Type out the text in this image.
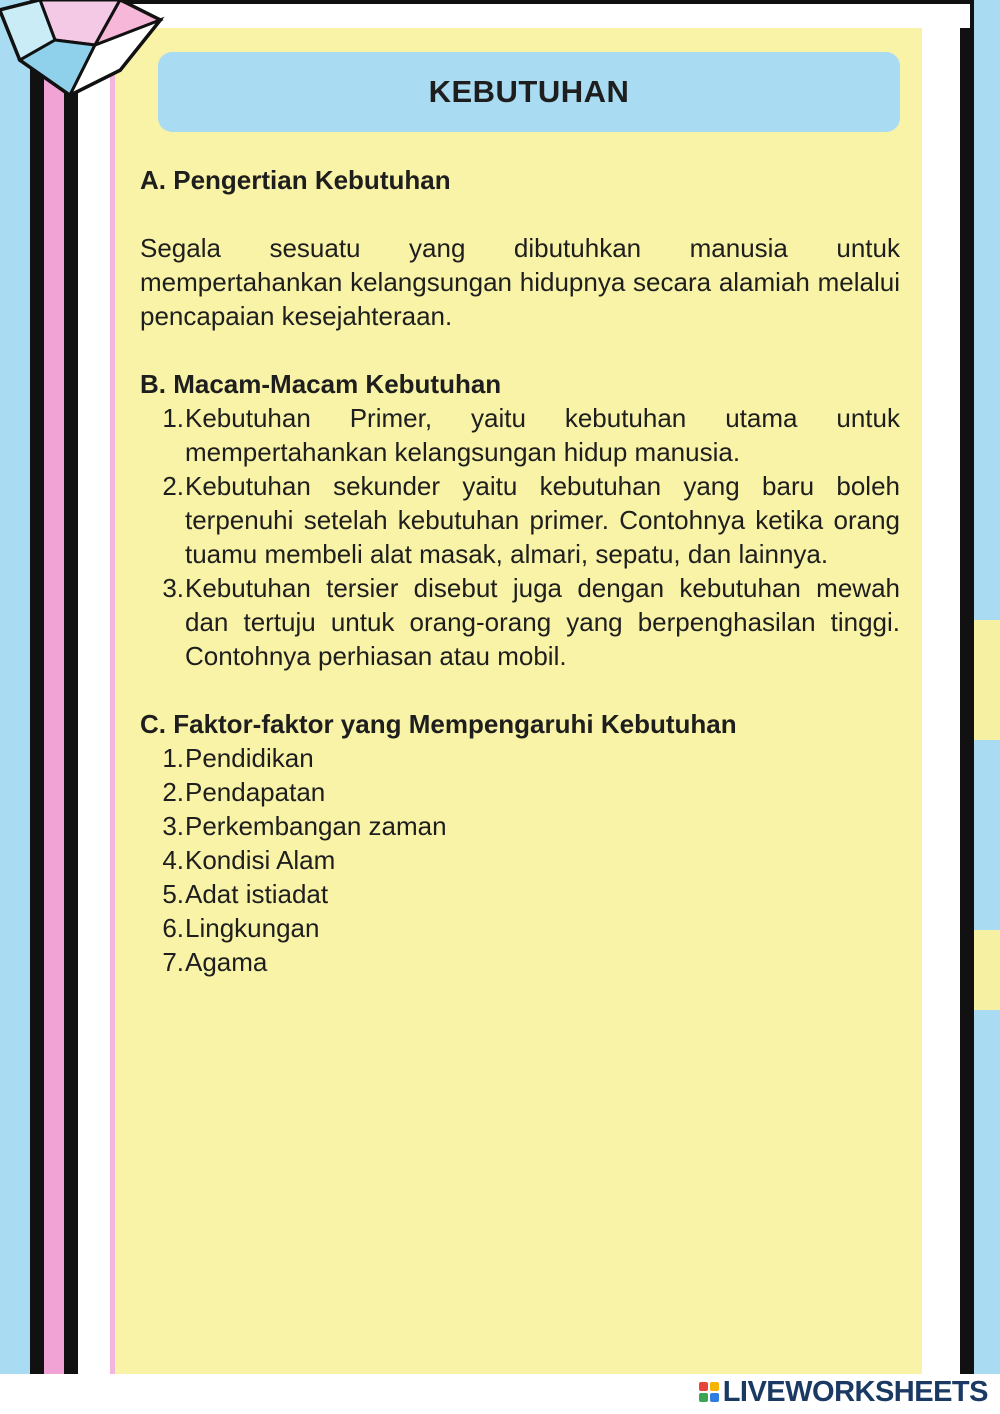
KEBUTUHAN

A. Pengertian Kebutuhan

Segala sesuatu yang dibutuhkan manusia untuk mempertahankan kelangsungan hidupnya secara alamiah melalui pencapaian kesejahteraan.

B. Macam-Macam Kebutuhan

1. Kebutuhan Primer, yaitu kebutuhan utama untuk mempertahankan kelangsungan hidup manusia.
2. Kebutuhan sekunder yaitu kebutuhan yang baru boleh terpenuhi setelah kebutuhan primer. Contohnya ketika orang tuamu membeli alat masak, almari, sepatu, dan lainnya.
3. Kebutuhan tersier disebut juga dengan kebutuhan mewah dan tertuju untuk orang-orang yang berpenghasilan tinggi. Contohnya perhiasan atau mobil.

C. Faktor-faktor yang Mempengaruhi Kebutuhan

1. Pendidikan
2. Pendapatan
3. Perkembangan zaman
4. Kondisi Alam
5. Adat istiadat
6. Lingkungan
7. Agama
LIVEWORKSHEETS
